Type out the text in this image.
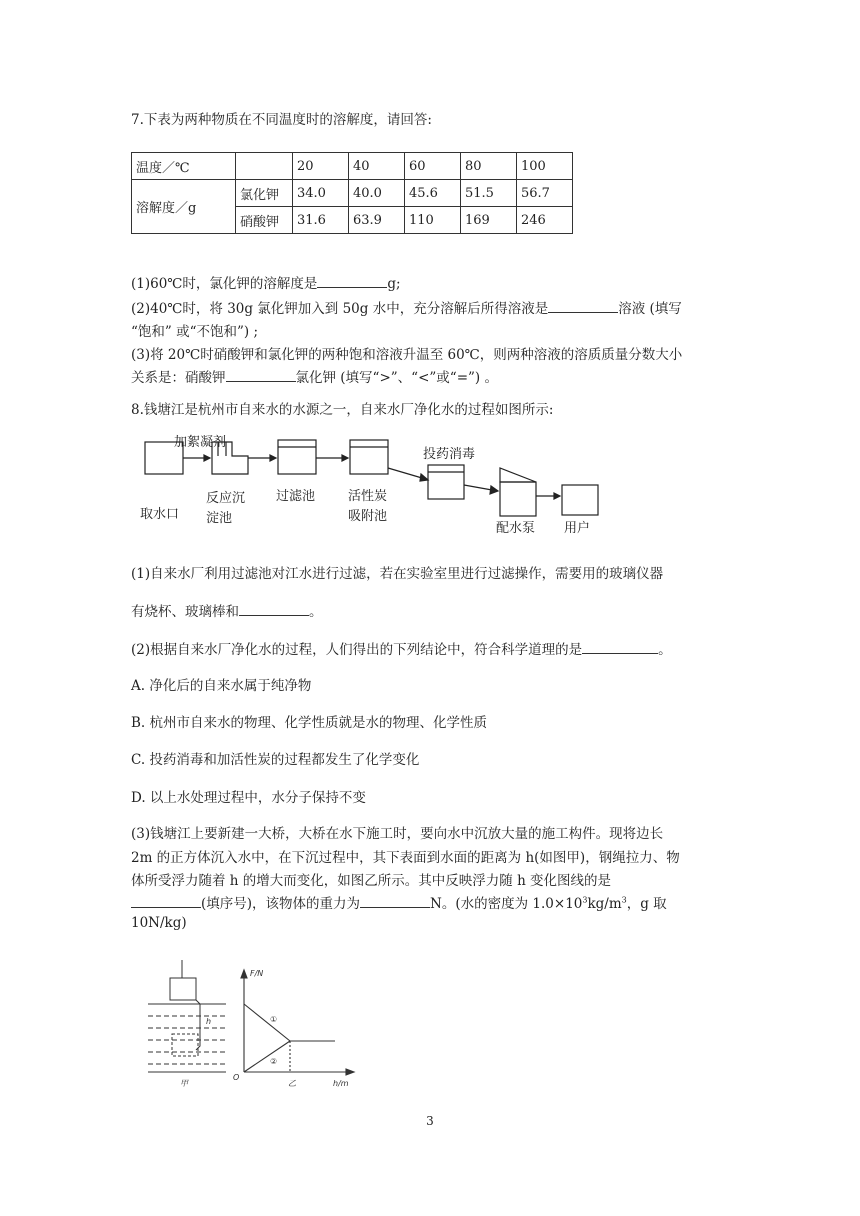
7.下表为两种物质在不同温度时的溶解度，请回答:
温度／℃		20	40	60	80	100
溶解度／g	氯化钾	34.0	40.0	45.6	51.5	56.7
	硝酸钾	31.6	63.9	110	169	246
(1)60℃时，氯化钾的溶解度是	g;
(2)40℃时，将 30g 氯化钾加入到 50g 水中，充分溶解后所得溶液是	溶液 (填写
“饱和” 或“不饱和”) ;
(3)将 20℃时硝酸钾和氯化钾的两种饱和溶液升温至 60℃，则两种溶液的溶质质量分数大小
关系是：硝酸钾	氯化钾 (填写“>”、“<”或“=”) 。
8.钱塘江是杭州市自来水的水源之一，自来水厂净化水的过程如图所示:
加絮凝剂
取水口
反应沉
淀池
过滤池	活性炭
吸附池
投药消毒
配水泵 用户
(1)自来水厂利用过滤池对江水进行过滤，若在实验室里进行过滤操作，需要用的玻璃仪器
有烧杯、玻璃棒和	。
(2)根据自来水厂净化水的过程，人们得出的下列结论中，符合科学道理的是	。
A. 净化后的自来水属于纯净物
B. 杭州市自来水的物理、化学性质就是水的物理、化学性质
C. 投药消毒和加活性炭的过程都发生了化学变化
D. 以上水处理过程中，水分子保持不变
(3)钱塘江上要新建一大桥，大桥在水下施工时，要向水中沉放大量的施工构件。现将边长
2m 的正方体沉入水中，在下沉过程中，其下表面到水面的距离为 h(如图甲)，钢绳拉力、物
体所受浮力随着 h 的增大而变化，如图乙所示。其中反映浮力随 h 变化图线的是
(填序号)，该物体的重力为	N。(水的密度为 $1.0\times 10^3kg/m^3$，g 取
10N/kg)
h
甲
F/N
O
h/m
①
②
乙
3
